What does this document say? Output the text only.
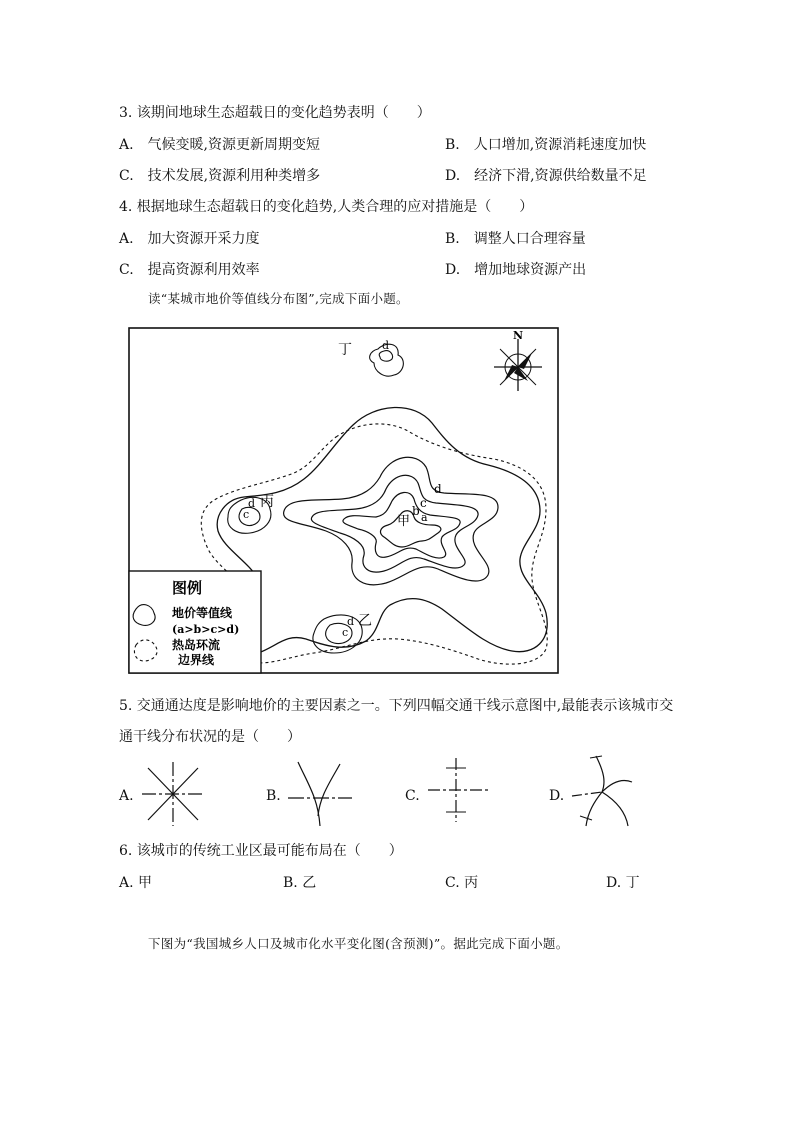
3. 该期间地球生态超载日的变化趋势表明（　　）
A.　气候变暖,资源更新周期变短	B.　人口增加,资源消耗速度加快
C.　技术发展,资源利用种类增多	D.　经济下滑,资源供给数量不足
4. 根据地球生态超载日的变化趋势,人类合理的应对措施是（　　）
A.　加大资源开采力度	B.　调整人口合理容量
C.　提高资源利用效率	D.　增加地球资源产出
读“某城市地价等值线分布图”,完成下面小题。
丁	d
N
d
c
b a
甲
d
c
丙
d
c
乙
图例
地价等值线
(a>b>c>d)
热岛环流
边界线
5. 交通通达度是影响地价的主要因素之一。下列四幅交通干线示意图中,最能表示该城市交
通干线分布状况的是（　　）
A.	B.	C.	D.
6. 该城市的传统工业区最可能布局在（　　）
A. 甲	B. 乙	C. 丙	D. 丁
下图为“我国城乡人口及城市化水平变化图(含预测)”。据此完成下面小题。
